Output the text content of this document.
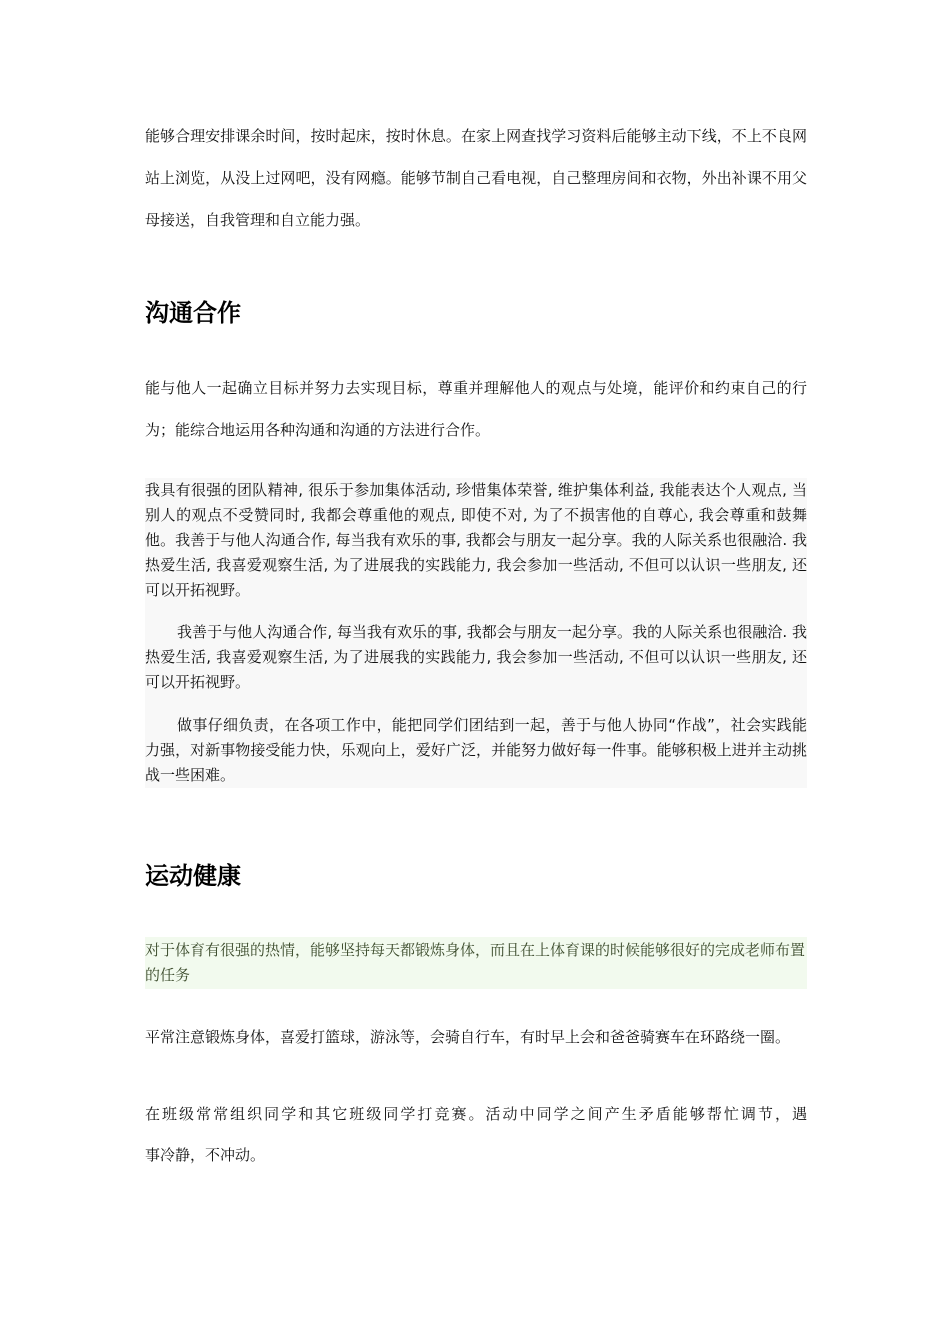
能够合理安排课余时间，按时起床，按时休息。在家上网查找学习资料后能够主动下线，不上不良网站上浏览，从没上过网吧，没有网瘾。能够节制自己看电视，自己整理房间和衣物，外出补课不用父母接送，自我管理和自立能力强。

沟通合作

能与他人一起确立目标并努力去实现目标，尊重并理解他人的观点与处境，能评价和约束自己的行为；能综合地运用各种沟通和沟通的方法进行合作。

我具有很强的团队精神, 很乐于参加集体活动, 珍惜集体荣誉, 维护集体利益, 我能表达个人观点, 当别人的观点不受赞同时, 我都会尊重他的观点, 即使不对, 为了不损害他的自尊心, 我会尊重和鼓舞他。我善于与他人沟通合作, 每当我有欢乐的事, 我都会与朋友一起分享。我的人际关系也很融洽. 我热爱生活, 我喜爱观察生活, 为了进展我的实践能力, 我会参加一些活动, 不但可以认识一些朋友, 还可以开拓视野。

我善于与他人沟通合作, 每当我有欢乐的事, 我都会与朋友一起分享。我的人际关系也很融洽. 我热爱生活, 我喜爱观察生活, 为了进展我的实践能力, 我会参加一些活动, 不但可以认识一些朋友, 还可以开拓视野。

做事仔细负责，在各项工作中，能把同学们团结到一起，善于与他人协同“作战”，社会实践能力强，对新事物接受能力快，乐观向上，爱好广泛，并能努力做好每一件事。能够积极上进并主动挑战一些困难。

运动健康

对于体育有很强的热情，能够坚持每天都锻炼身体，而且在上体育课的时候能够很好的完成老师布置的任务

平常注意锻炼身体，喜爱打篮球，游泳等，会骑自行车，有时早上会和爸爸骑赛车在环路绕一圈。

在班级常常组织同学和其它班级同学打竞赛。活动中同学之间产生矛盾能够帮忙调节，遇

事冷静，不冲动。
